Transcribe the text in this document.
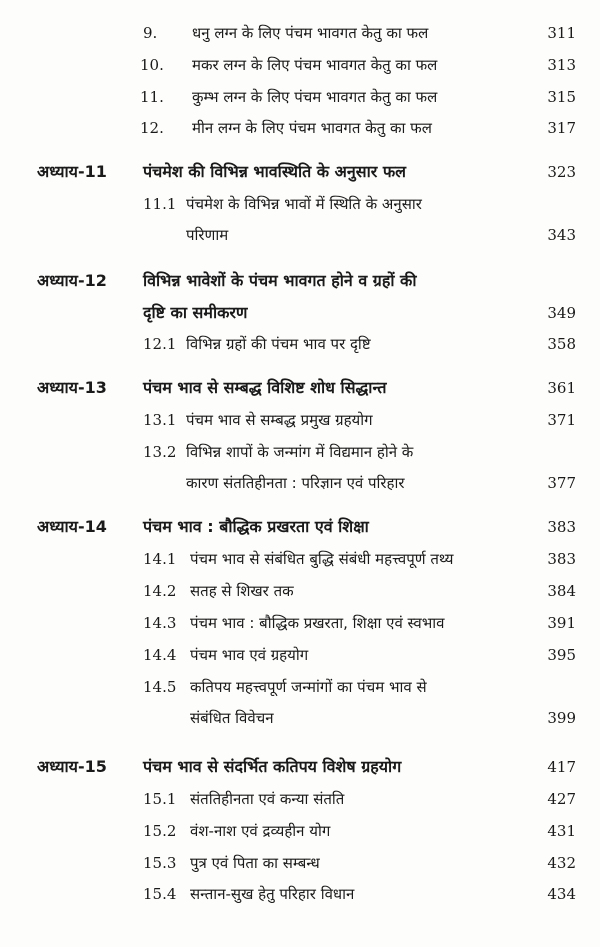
9. धनु लग्न के लिए पंचम भावगत केतु का फल	311
10. मकर लग्न के लिए पंचम भावगत केतु का फल	313
11. कुम्भ लग्न के लिए पंचम भावगत केतु का फल	315
12. मीन लग्न के लिए पंचम भावगत केतु का फल	317
अध्याय-11 पंचमेश की विभिन्न भावस्थिति के अनुसार फल	323
11.1 पंचमेश के विभिन्न भावों में स्थिति के अनुसार
परिणाम	343
अध्याय-12 विभिन्न भावेशों के पंचम भावगत होने व ग्रहों की
दृष्टि का समीकरण	349
12.1 विभिन्न ग्रहों की पंचम भाव पर दृष्टि	358
अध्याय-13 पंचम भाव से सम्बद्ध विशिष्ट शोध सिद्धान्त	361
13.1 पंचम भाव से सम्बद्ध प्रमुख ग्रहयोग	371
13.2 विभिन्न शापों के जन्मांग में विद्यमान होने के
कारण संततिहीनता : परिज्ञान एवं परिहार	377
अध्याय-14 पंचम भाव : बौद्धिक प्रखरता एवं शिक्षा	383
14.1 पंचम भाव से संबंधित बुद्धि संबंधी महत्त्वपूर्ण तथ्य	383
14.2 सतह से शिखर तक	384
14.3 पंचम भाव : बौद्धिक प्रखरता, शिक्षा एवं स्वभाव	391
14.4 पंचम भाव एवं ग्रहयोग	395
14.5 कतिपय महत्त्वपूर्ण जन्मांगों का पंचम भाव से
संबंधित विवेचन	399
अध्याय-15 पंचम भाव से संदर्भित कतिपय विशेष ग्रहयोग	417
15.1 संततिहीनता एवं कन्या संतति	427
15.2 वंश-नाश एवं द्रव्यहीन योग	431
15.3 पुत्र एवं पिता का सम्बन्ध	432
15.4 सन्तान-सुख हेतु परिहार विधान	434
